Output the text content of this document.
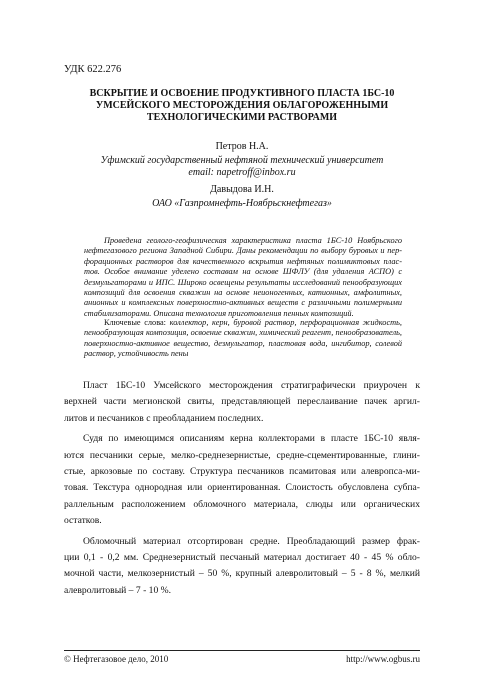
УДК 622.276
ВСКРЫТИЕ И ОСВОЕНИЕ ПРОДУКТИВНОГО ПЛАСТА 1БС-10
УМСЕЙСКОГО МЕСТОРОЖДЕНИЯ ОБЛАГОРОЖЕННЫМИ
ТЕХНОЛОГИЧЕСКИМИ РАСТВОРАМИ
Петров Н.А.
Уфимский государственный нефтяной технический университет
email: napetroff@inbox.ru
Давыдова И.Н.
ОАО «Газпромнефть-Ноябрьскнефтегаз»
Проведена геолого-геофизическая характеристика пласта 1БС-10 Ноябрьского
нефтегазового региона Западной Сибири. Даны рекомендации по выбору буровых и пер-
форационных растворов для качественного вскрытия нефтяных полимиктовых плас-
тов. Особое внимание уделено составам на основе ШФЛУ (для удаления АСПО) с
дезмульгаторами и ИПС. Широко освещены результаты исследований пенообразующих
композиций для освоения скважин на основе неионогенных, катионных, амфолитных,
анионных и комплексных поверхностно-активных веществ с различными полимерными
стабилизаторами. Описана технология приготовления пенных композиций.
Ключевые слова: коллектор, керн, буровой раствор, перфорационная жидкость,
пенообразующая композиция, освоение скважин, химический реагент, пенообразователь,
поверхностно-активное вещество, дезмульгатор, пластовая вода, ингибитор, солевой
раствор, устойчивость пены
Пласт 1БС-10 Умсейского месторождения стратиграфически приурочен к
верхней части мегионской свиты, представляющей переслаивание пачек аргил-
литов и песчаников с преобладанием последних.
Судя по имеющимся описаниям керна коллекторами в пласте 1БС-10 явля-
ются песчаники серые, мелко-среднезернистые, средне-сцементированные, глини-
стые, аркозовые по составу. Структура песчаников псамитовая или алевропса-ми-
товая. Текстура однородная или ориентированная. Слоистость обусловлена субпа-
раллельным расположением обломочного материала, слюды или органических
остатков.
Обломочный материал отсортирован средне. Преобладающий размер фрак-
ции 0,1 - 0,2 мм. Среднезернистый песчаный материал достигает 40 - 45 % обло-
мочной части, мелкозернистый – 50 %, крупный алевролитовый – 5 - 8 %, мелкий
алевролитовый – 7 - 10 %.
© Нефтегазовое дело, 2010	http://www.ogbus.ru
